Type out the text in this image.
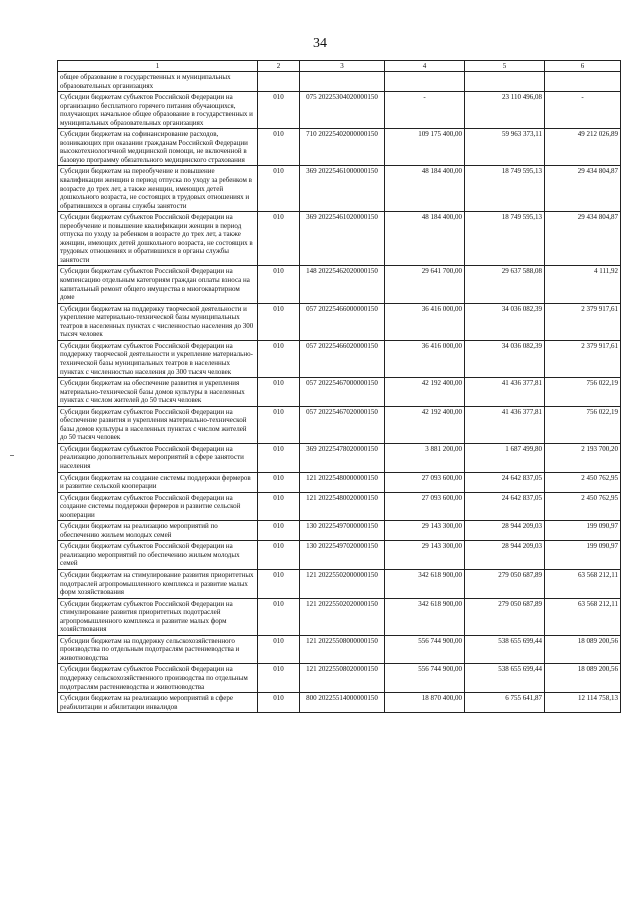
34
1	2	3	4	5	6
общее образование в государственных и муниципальных образовательных организациях					
Субсидии бюджетам субъектов Российской Федерации на организацию бесплатного горячего питания обучающихся, получающих начальное общее образование в государственных и муниципальных образовательных организациях	010	075 20225304020000150	-	23 110 496,08	-
Субсидии бюджетам на софинансирование расходов, возникающих при оказании гражданам Российской Федерации высокотехнологичной медицинской помощи, не включенной в базовую программу обязательного медицинского страхования	010	710 20225402000000150	109 175 400,00	59 963 373,11	49 212 026,89
Субсидии бюджетам на переобучение и повышение квалификации женщин в период отпуска по уходу за ребенком в возрасте до трех лет, а также женщин, имеющих детей дошкольного возраста, не состоящих в трудовых отношениях и обратившихся в органы службы занятости	010	369 20225461000000150	48 184 400,00	18 749 595,13	29 434 804,87
Субсидии бюджетам субъектов Российской Федерации на переобучение и повышение квалификации женщин в период отпуска по уходу за ребенком в возрасте до трех лет, а также женщин, имеющих детей дошкольного возраста, не состоящих в трудовых отношениях и обратившихся в органы службы занятости	010	369 20225461020000150	48 184 400,00	18 749 595,13	29 434 804,87
Субсидии бюджетам субъектов Российской Федерации на компенсацию отдельным категориям граждан оплаты взноса на капитальный ремонт общего имущества в многоквартирном доме	010	148 20225462020000150	29 641 700,00	29 637 588,08	4 111,92
Субсидии бюджетам на поддержку творческой деятельности и укрепление материально-технической базы муниципальных театров в населенных пунктах с численностью населения до 300 тысяч человек	010	057 20225466000000150	36 416 000,00	34 036 082,39	2 379 917,61
Субсидии бюджетам субъектов Российской Федерации на поддержку творческой деятельности и укрепление материально-технической базы муниципальных театров в населенных пунктах с численностью населения до 300 тысяч человек	010	057 20225466020000150	36 416 000,00	34 036 082,39	2 379 917,61
Субсидии бюджетам на обеспечение развития и укрепления материально-технической базы домов культуры в населенных пунктах с числом жителей до 50 тысяч человек	010	057 20225467000000150	42 192 400,00	41 436 377,81	756 022,19
Субсидии бюджетам субъектов Российской Федерации на обеспечение развития и укрепления материально-технической базы домов культуры в населенных пунктах с числом жителей до 50 тысяч человек	010	057 20225467020000150	42 192 400,00	41 436 377,81	756 022,19
Субсидии бюджетам субъектов Российской Федерации на реализацию дополнительных мероприятий в сфере занятости населения	010	369 20225478020000150	3 881 200,00	1 687 499,80	2 193 700,20
Субсидии бюджетам на создание системы поддержки фермеров и развитие сельской кооперации	010	121 20225480000000150	27 093 600,00	24 642 837,05	2 450 762,95
Субсидии бюджетам субъектов Российской Федерации на создание системы поддержки фермеров и развитие сельской кооперации	010	121 20225480020000150	27 093 600,00	24 642 837,05	2 450 762,95
Субсидии бюджетам на реализацию мероприятий по обеспечению жильем молодых семей	010	130 20225497000000150	29 143 300,00	28 944 209,03	199 090,97
Субсидии бюджетам субъектов Российской Федерации на реализацию мероприятий по обеспечению жильем молодых семей	010	130 20225497020000150	29 143 300,00	28 944 209,03	199 090,97
Субсидии бюджетам на стимулирование развития приоритетных подотраслей агропромышленного комплекса и развитие малых форм хозяйствования	010	121 20225502000000150	342 618 900,00	279 050 687,89	63 568 212,11
Субсидии бюджетам субъектов Российской Федерации на стимулирование развития приоритетных подотраслей агропромышленного комплекса и развитие малых форм хозяйствования	010	121 20225502020000150	342 618 900,00	279 050 687,89	63 568 212,11
Субсидии бюджетам на поддержку сельскохозяйственного производства по отдельным подотраслям растениеводства и животноводства	010	121 20225508000000150	556 744 900,00	538 655 699,44	18 089 200,56
Субсидии бюджетам субъектов Российской Федерации на поддержку сельскохозяйственного производства по отдельным подотраслям растениеводства и животноводства	010	121 20225508020000150	556 744 900,00	538 655 699,44	18 089 200,56
Субсидии бюджетам на реализацию мероприятий в сфере реабилитации и абилитации инвалидов	010	800 20225514000000150	18 870 400,00	6 755 641,87	12 114 758,13
